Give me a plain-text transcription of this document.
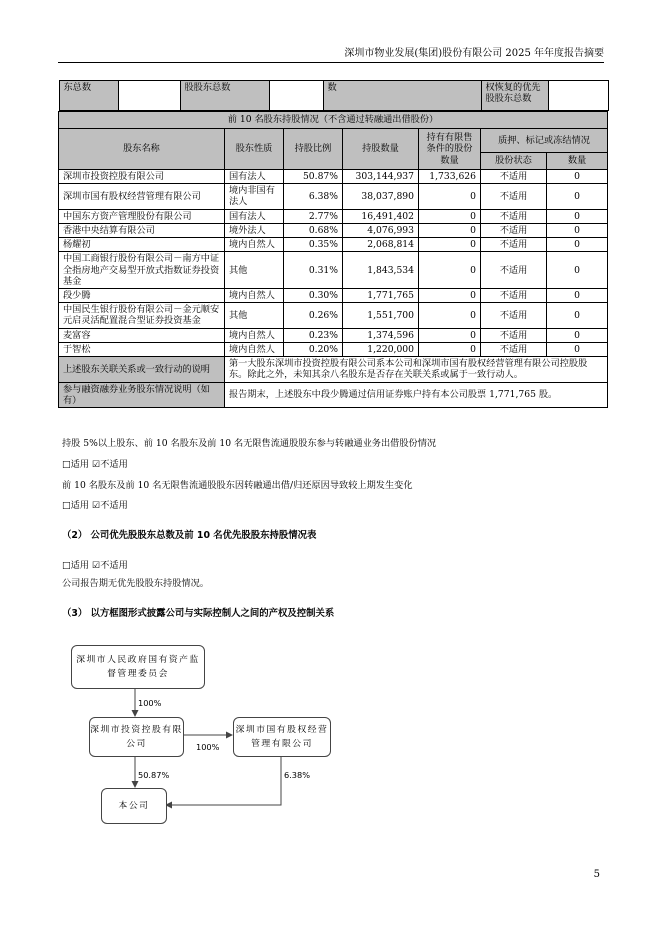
深圳市物业发展(集团)股份有限公司 2025 年年度报告摘要
东总数		股股东总数		数	权恢复的优先股股东总数	

前 10 名股东持股情况（不含通过转融通出借股份）
股东名称	股东性质	持股比例	持股数量	持有有限售条件的股份数量	质押、标记或冻结情况
股份状态	数量
深圳市投资控股有限公司	国有法人	50.87%	303,144,937	1,733,626	不适用	0
深圳市国有股权经营管理有限公司	境内非国有法人	6.38%	38,037,890	0	不适用	0
中国东方资产管理股份有限公司	国有法人	2.77%	16,491,402	0	不适用	0
香港中央结算有限公司	境外法人	0.68%	4,076,993	0	不适用	0
杨耀初	境内自然人	0.35%	2,068,814	0	不适用	0
中国工商银行股份有限公司－南方中证全指房地产交易型开放式指数证券投资基金	其他	0.31%	1,843,534	0	不适用	0
段少腾	境内自然人	0.30%	1,771,765	0	不适用	0
中国民生银行股份有限公司－金元顺安元启灵活配置混合型证券投资基金	其他	0.26%	1,551,700	0	不适用	0
麦富容	境内自然人	0.23%	1,374,596	0	不适用	0
于智松	境内自然人	0.20%	1,220,000	0	不适用	0
上述股东关联关系或一致行动的说明	第一大股东深圳市投资控股有限公司系本公司和深圳市国有股权经营管理有限公司控股股东。除此之外，未知其余八名股东是否存在关联关系或属于一致行动人。
参与融资融券业务股东情况说明（如有）	报告期末，上述股东中段少腾通过信用证券账户持有本公司股票 1,771,765 股。
持股 5%以上股东、前 10 名股东及前 10 名无限售流通股股东参与转融通业务出借股份情况
□适用 ☑不适用
前 10 名股东及前 10 名无限售流通股股东因转融通出借/归还原因导致较上期发生变化
□适用 ☑不适用
（2） 公司优先股股东总数及前 10 名优先股股东持股情况表
□适用 ☑不适用
公司报告期无优先股股东持股情况。
（3） 以方框图形式披露公司与实际控制人之间的产权及控制关系
深圳市人民政府国有资产监督管理委员会
深圳市投资控股有限公司
深圳市国有股权经营管理有限公司
本公司
100%
100%
50.87%	6.38%
5
